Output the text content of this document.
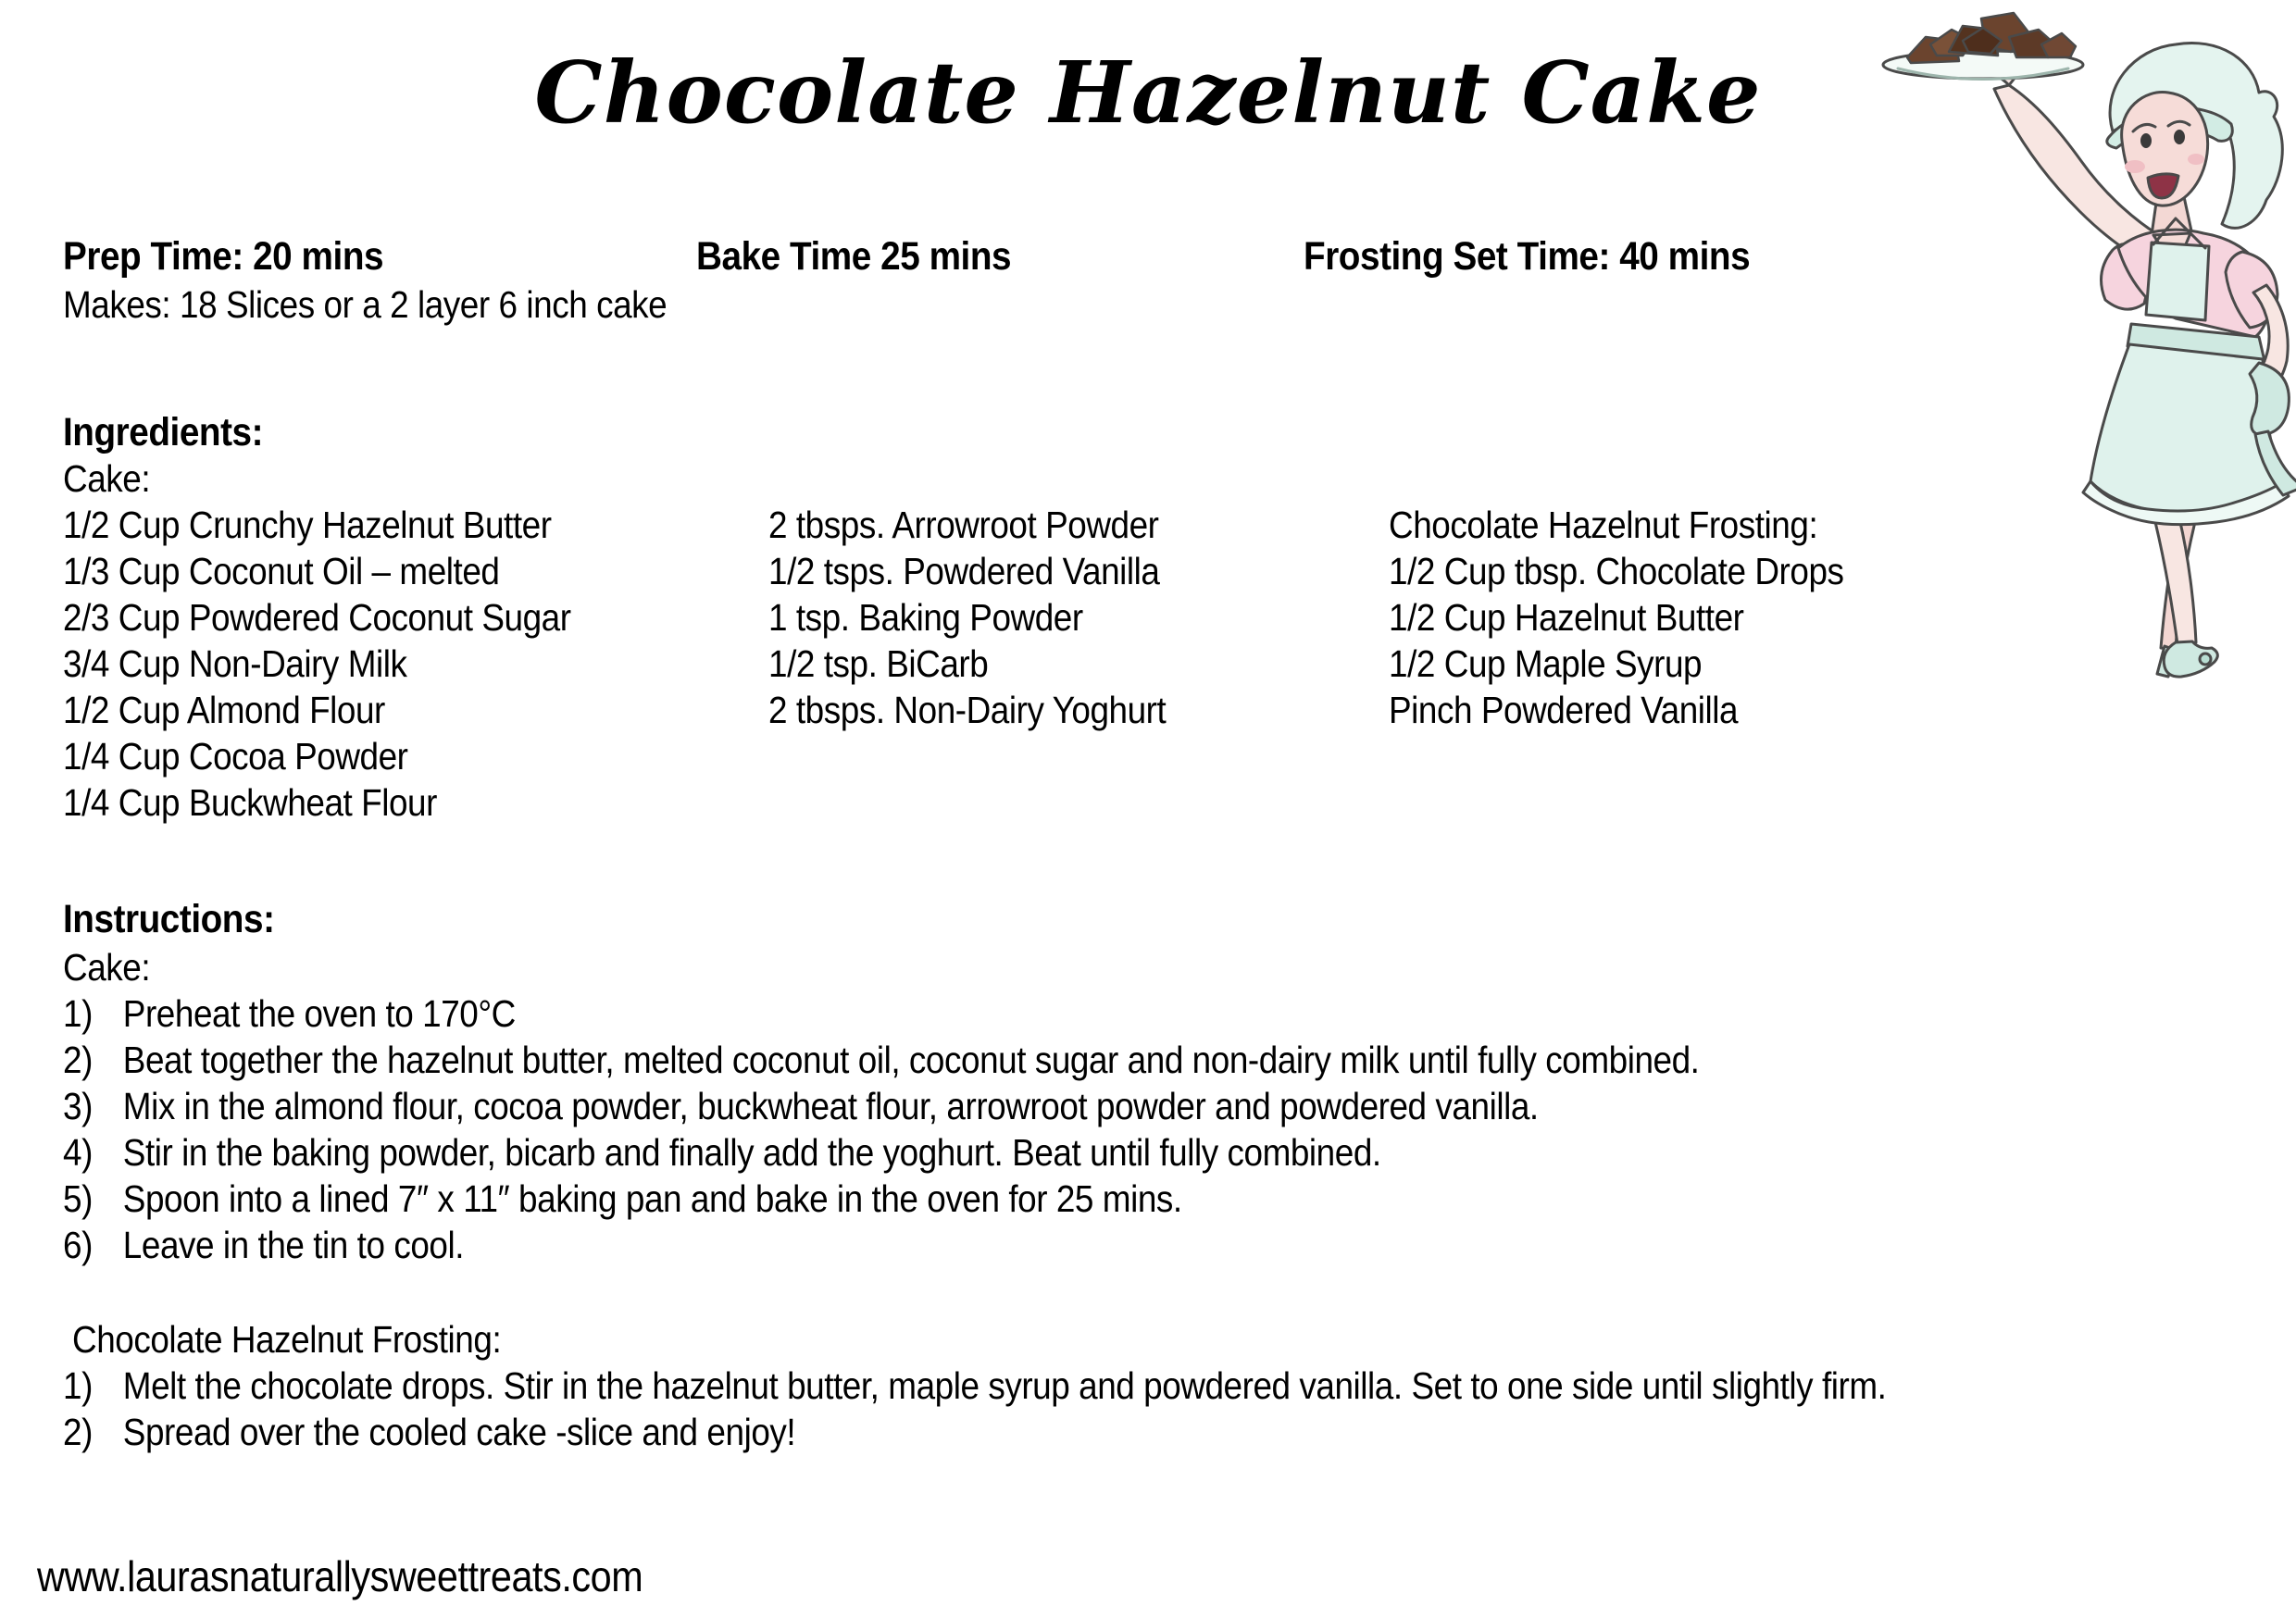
Chocolate Hazelnut Cake
Prep Time: 20 mins	Bake Time 25 mins	Frosting Set Time: 40 mins
Makes: 18 Slices or a 2 layer 6 inch cake
Ingredients:
Cake:
1/2 Cup Crunchy Hazelnut Butter
1/3 Cup Coconut Oil – melted
2/3 Cup Powdered Coconut Sugar
3/4 Cup Non-Dairy Milk
1/2 Cup Almond Flour
1/4 Cup Cocoa Powder
1/4 Cup Buckwheat Flour
2 tbsps. Arrowroot Powder
1/2 tsps. Powdered Vanilla
1 tsp. Baking Powder
1/2 tsp. BiCarb
2 tbsps. Non-Dairy Yoghurt
Chocolate Hazelnut Frosting:
1/2 Cup tbsp. Chocolate Drops
1/2 Cup Hazelnut Butter
1/2 Cup Maple Syrup
Pinch Powdered Vanilla
Instructions:
Cake:
1) Preheat the oven to 170°C
2) Beat together the hazelnut butter, melted coconut oil, coconut sugar and non-dairy milk until fully combined.
3) Mix in the almond flour, cocoa powder, buckwheat flour, arrowroot powder and powdered vanilla.
4) Stir in the baking powder, bicarb and finally add the yoghurt. Beat until fully combined.
5) Spoon into a lined 7″ x 11″ baking pan and bake in the oven for 25 mins.
6) Leave in the tin to cool.
Chocolate Hazelnut Frosting:
1) Melt the chocolate drops. Stir in the hazelnut butter, maple syrup and powdered vanilla. Set to one side until slightly firm.
2) Spread over the cooled cake -slice and enjoy!
www.laurasnaturallysweettreats.com
